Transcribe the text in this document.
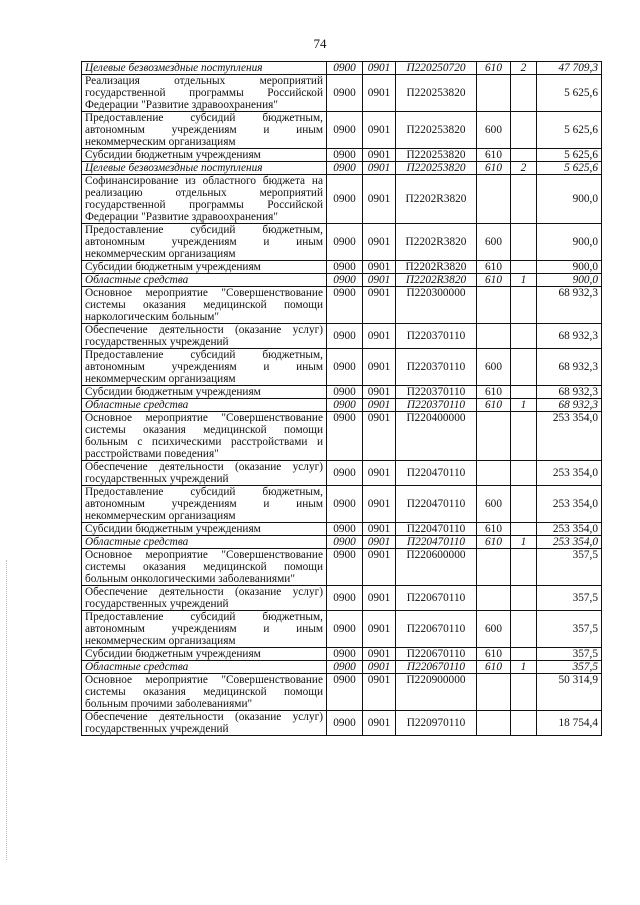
74
Целевые безвозмездные поступления	0900	0901	П220250720	610	2	47 709,3
Реализация отдельных мероприятий государственной программы Российской Федерации "Развитие здравоохранения"	0900	0901	П220253820			5 625,6
Предоставление субсидий бюджетным, автономным учреждениям и иным некоммерческим организациям	0900	0901	П220253820	600		5 625,6
Субсидии бюджетным учреждениям	0900	0901	П220253820	610		5 625,6
Целевые безвозмездные поступления	0900	0901	П220253820	610	2	5 625,6
Софинансирование из областного бюджета на реализацию отдельных мероприятий государственной программы Российской Федерации "Развитие здравоохранения"	0900	0901	П2202R3820			900,0
Предоставление субсидий бюджетным, автономным учреждениям и иным некоммерческим организациям	0900	0901	П2202R3820	600		900,0
Субсидии бюджетным учреждениям	0900	0901	П2202R3820	610		900,0
Областные средства	0900	0901	П2202R3820	610	1	900,0
Основное мероприятие "Совершенствование системы оказания медицинской помощи наркологическим больным"	0900	0901	П220300000			68 932,3
Обеспечение деятельности (оказание услуг) государственных учреждений	0900	0901	П220370110			68 932,3
Предоставление субсидий бюджетным, автономным учреждениям и иным некоммерческим организациям	0900	0901	П220370110	600		68 932,3
Субсидии бюджетным учреждениям	0900	0901	П220370110	610		68 932,3
Областные средства	0900	0901	П220370110	610	1	68 932,3
Основное мероприятие "Совершенствование системы оказания медицинской помощи больным с психическими расстройствами и расстройствами поведения"	0900	0901	П220400000			253 354,0
Обеспечение деятельности (оказание услуг) государственных учреждений	0900	0901	П220470110			253 354,0
Предоставление субсидий бюджетным, автономным учреждениям и иным некоммерческим организациям	0900	0901	П220470110	600		253 354,0
Субсидии бюджетным учреждениям	0900	0901	П220470110	610		253 354,0
Областные средства	0900	0901	П220470110	610	1	253 354,0
Основное мероприятие "Совершенствование системы оказания медицинской помощи больным онкологическими заболеваниями"	0900	0901	П220600000			357,5
Обеспечение деятельности (оказание услуг) государственных учреждений	0900	0901	П220670110			357,5
Предоставление субсидий бюджетным, автономным учреждениям и иным некоммерческим организациям	0900	0901	П220670110	600		357,5
Субсидии бюджетным учреждениям	0900	0901	П220670110	610		357,5
Областные средства	0900	0901	П220670110	610	1	357,5
Основное мероприятие "Совершенствование системы оказания медицинской помощи больным прочими заболеваниями"	0900	0901	П220900000			50 314,9
Обеспечение деятельности (оказание услуг) государственных учреждений	0900	0901	П220970110			18 754,4
